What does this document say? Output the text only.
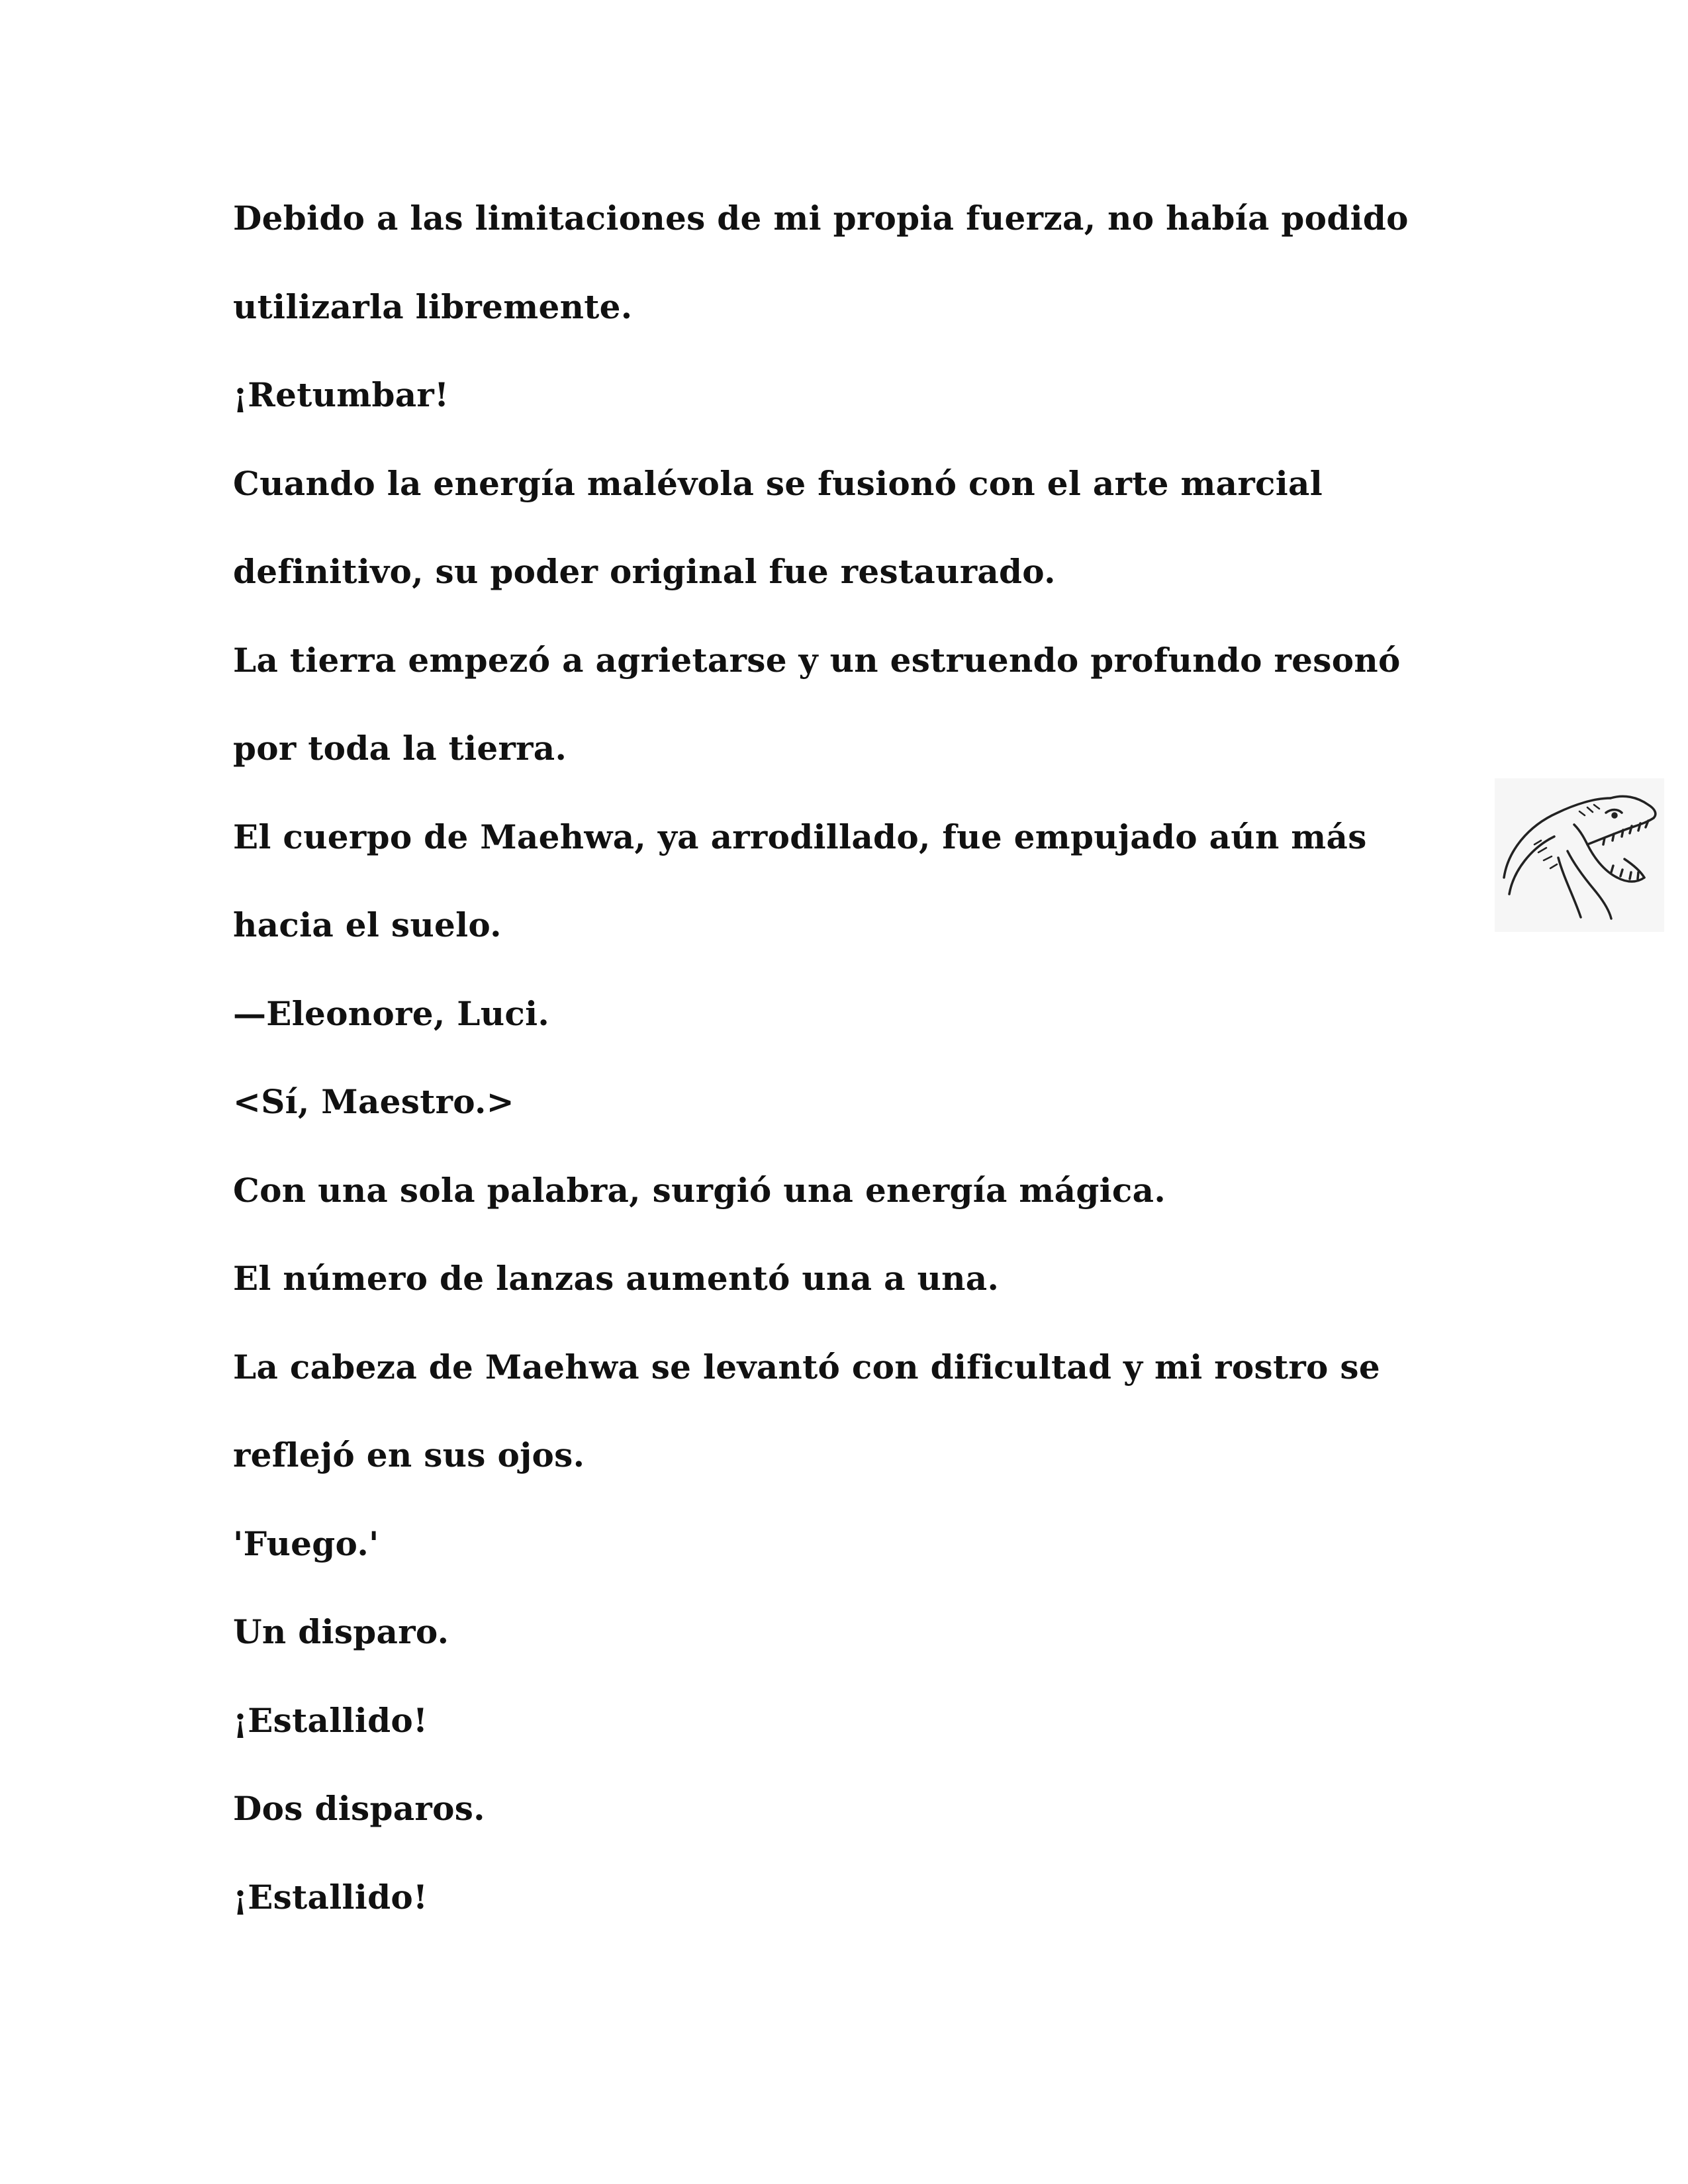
Debido a las limitaciones de mi propia fuerza, no había podido
utilizarla libremente.
¡Retumbar!
Cuando la energía malévola se fusionó con el arte marcial
definitivo, su poder original fue restaurado.
La tierra empezó a agrietarse y un estruendo profundo resonó
por toda la tierra.
El cuerpo de Maehwa, ya arrodillado, fue empujado aún más
hacia el suelo.
—Eleonore, Luci.
<Sí, Maestro.>
Con una sola palabra, surgió una energía mágica.
El número de lanzas aumentó una a una.
La cabeza de Maehwa se levantó con dificultad y mi rostro se
reflejó en sus ojos.
'Fuego.'
Un disparo.
¡Estallido!
Dos disparos.
¡Estallido!
